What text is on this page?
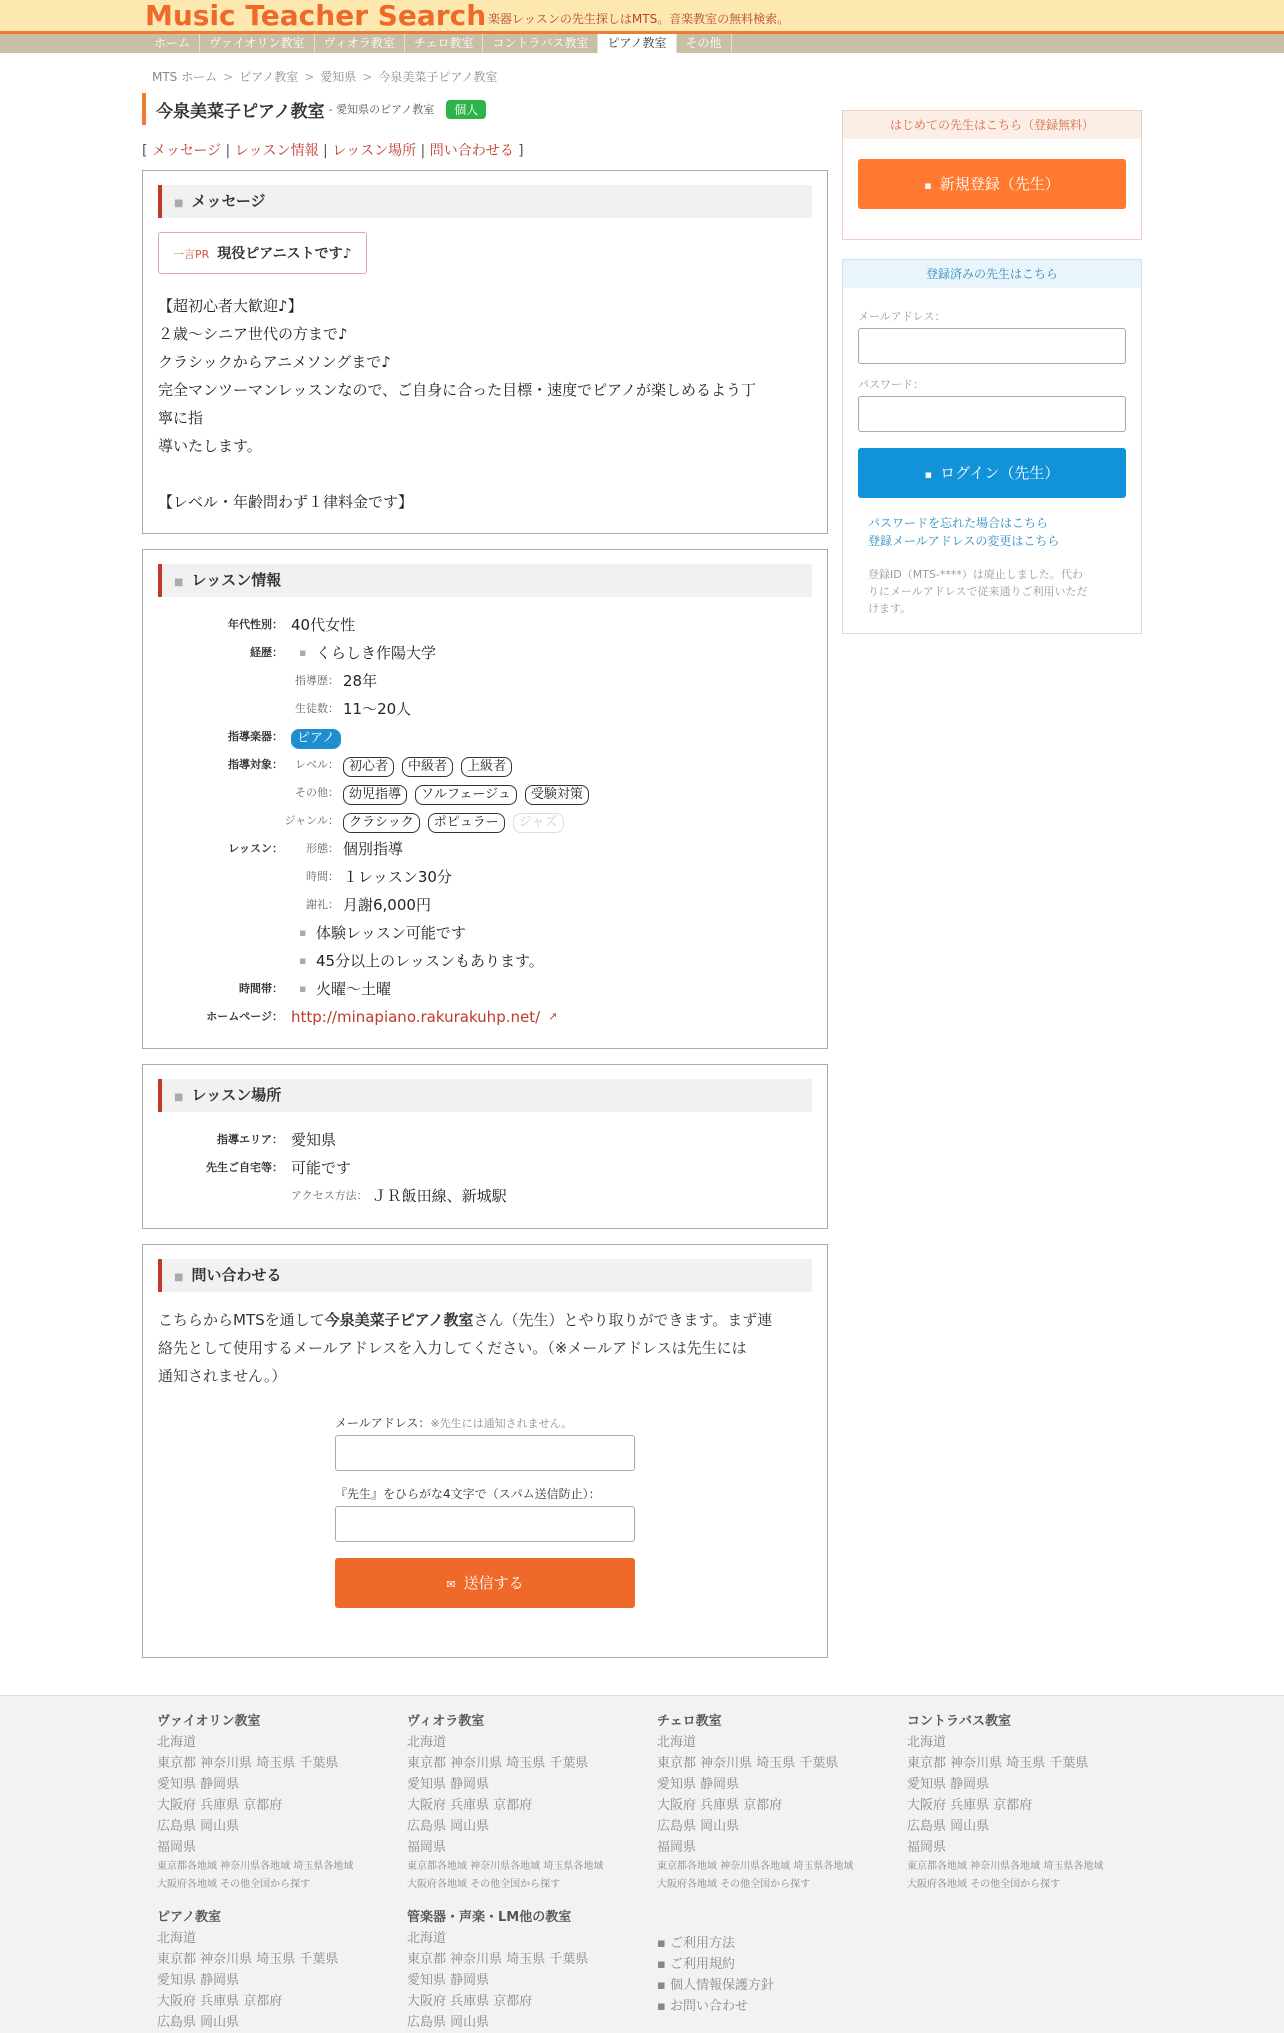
Music Teacher Search 楽器レッスンの先生探しはMTS。音楽教室の無料検索。
ホーム	ヴァイオリン教室	ヴィオラ教室	チェロ教室	コントラバス教室	ピアノ教室	その他
MTS ホーム > ピアノ教室 > 愛知県 > 今泉美菜子ピアノ教室
今泉美菜子ピアノ教室 - 愛知県のピアノ教室	個人
[ メッセージ | レッスン情報 | レッスン場所 | 問い合わせる ]
■ メッセージ
一言PR 現役ピアニストです♪
【超初心者大歓迎♪】
２歳～シニア世代の方まで♪
クラシックからアニメソングまで♪
完全マンツーマンレッスンなので、ご自身に合った目標・速度でピアノが楽しめるよう丁
寧に指
導いたします。
【レベル・年齢問わず１律料金です】
■ レッスン情報
年代性別： 40代女性
経歴：	▪ くらしき作陽大学
指導歴： 28年
生徒数： 11～20人
指導楽器：	ピアノ
指導対象：	レベル： 初心者 中級者 上級者
その他： 幼児指導 ソルフェージュ 受験対策
ジャンル： クラシック ポピュラー ジャズ
レッスン：	形態： 個別指導
時間： １レッスン30分
謝礼： 月謝6,000円
▪ 体験レッスン可能です
▪ 45分以上のレッスンもあります。
時間帯：	▪ 火曜～土曜
ホームページ： http://minapiano.rakurakuhp.net/ ↗
■ レッスン場所
指導エリア： 愛知県
先生ご自宅等： 可能です
アクセス方法： ＪＲ飯田線、新城駅
■ 問い合わせる
こちらからMTSを通して今泉美菜子ピアノ教室さん（先生）とやり取りができます。まず連
絡先として使用するメールアドレスを入力してください。（※メールアドレスは先生には
通知されません。）
メールアドレス：※先生には通知されません。
『先生』をひらがな4文字で（スパム送信防止）：
✉ 送信する
はじめての先生はこちら（登録無料）
▪ 新規登録（先生）
登録済みの先生はこちら
メールアドレス：
パスワード：
▪ ログイン（先生）
パスワードを忘れた場合はこちら
登録メールアドレスの変更はこちら
登録ID（MTS-****）は廃止しました。代わ
りにメールアドレスで従来通りご利用いただ
けます。
ヴァイオリン教室
北海道
東京都 神奈川県 埼玉県 千葉県
愛知県 静岡県
大阪府 兵庫県 京都府
広島県 岡山県
福岡県
東京都各地域 神奈川県各地域 埼玉県各地域
大阪府各地域 その他全国から探す
ヴィオラ教室
北海道
東京都 神奈川県 埼玉県 千葉県
愛知県 静岡県
大阪府 兵庫県 京都府
広島県 岡山県
福岡県
東京都各地域 神奈川県各地域 埼玉県各地域
大阪府各地域 その他全国から探す
チェロ教室
北海道
東京都 神奈川県 埼玉県 千葉県
愛知県 静岡県
大阪府 兵庫県 京都府
広島県 岡山県
福岡県
東京都各地域 神奈川県各地域 埼玉県各地域
大阪府各地域 その他全国から探す
コントラバス教室
北海道
東京都 神奈川県 埼玉県 千葉県
愛知県 静岡県
大阪府 兵庫県 京都府
広島県 岡山県
福岡県
東京都各地域 神奈川県各地域 埼玉県各地域
大阪府各地域 その他全国から探す
ピアノ教室
北海道
東京都 神奈川県 埼玉県 千葉県
愛知県 静岡県
大阪府 兵庫県 京都府
広島県 岡山県
管楽器・声楽・LM他の教室
北海道
東京都 神奈川県 埼玉県 千葉県
愛知県 静岡県
大阪府 兵庫県 京都府
広島県 岡山県
▪ ご利用方法
▪ ご利用規約
▪ 個人情報保護方針
▪ お問い合わせ
